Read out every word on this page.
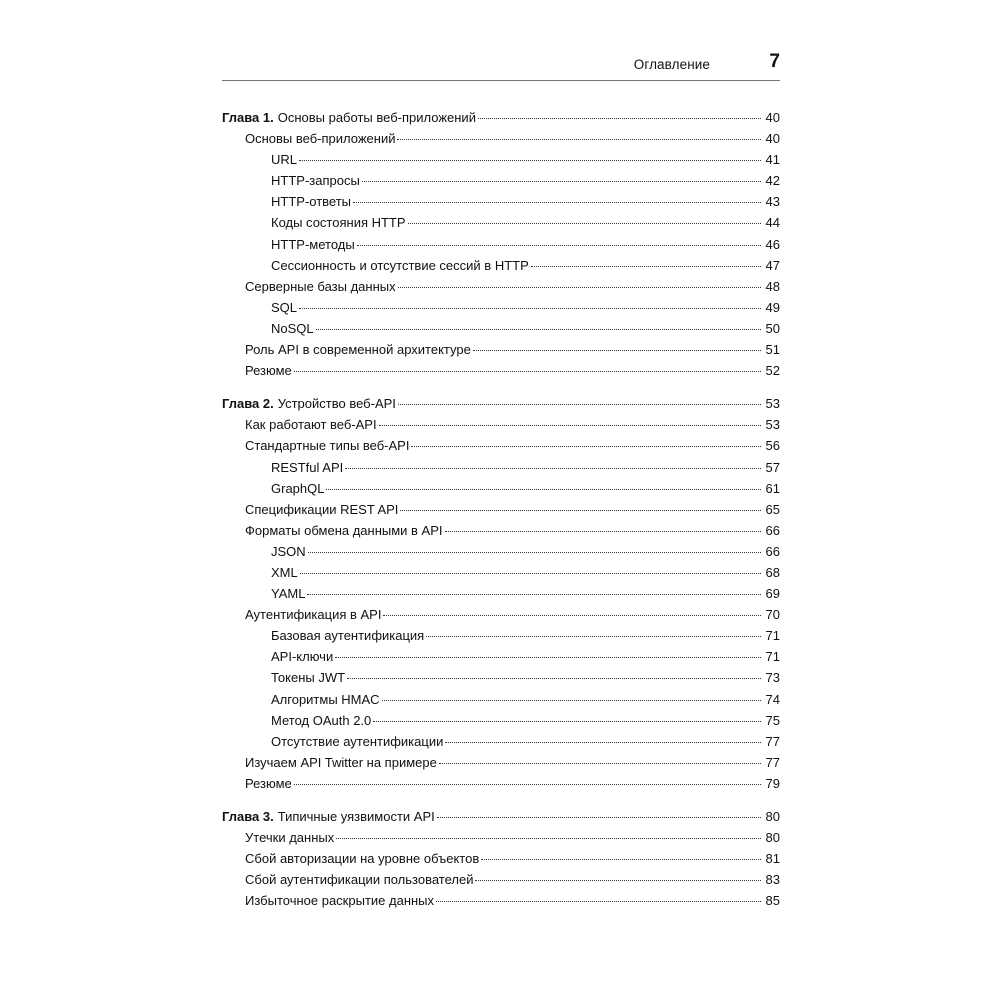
Оглавление	7
Глава 1. Основы работы веб-приложений	40
Основы веб-приложений	40
URL	41
HTTP-запросы	42
HTTP-ответы	43
Коды состояния HTTP	44
HTTP-методы	46
Сессионность и отсутствие сессий в HTTP	47
Серверные базы данных	48
SQL	49
NoSQL	50
Роль API в современной архитектуре	51
Резюме	52
Глава 2. Устройство веб-API	53
Как работают веб-API	53
Стандартные типы веб-API	56
RESTful API	57
GraphQL	61
Спецификации REST API	65
Форматы обмена данными в API	66
JSON	66
XML	68
YAML	69
Аутентификация в API	70
Базовая аутентификация	71
API-ключи	71
Токены JWT	73
Алгоритмы HMAC	74
Метод OAuth 2.0	75
Отсутствие аутентификации	77
Изучаем API Twitter на примере	77
Резюме	79
Глава 3. Типичные уязвимости API	80
Утечки данных	80
Сбой авторизации на уровне объектов	81
Сбой аутентификации пользователей	83
Избыточное раскрытие данных	85
